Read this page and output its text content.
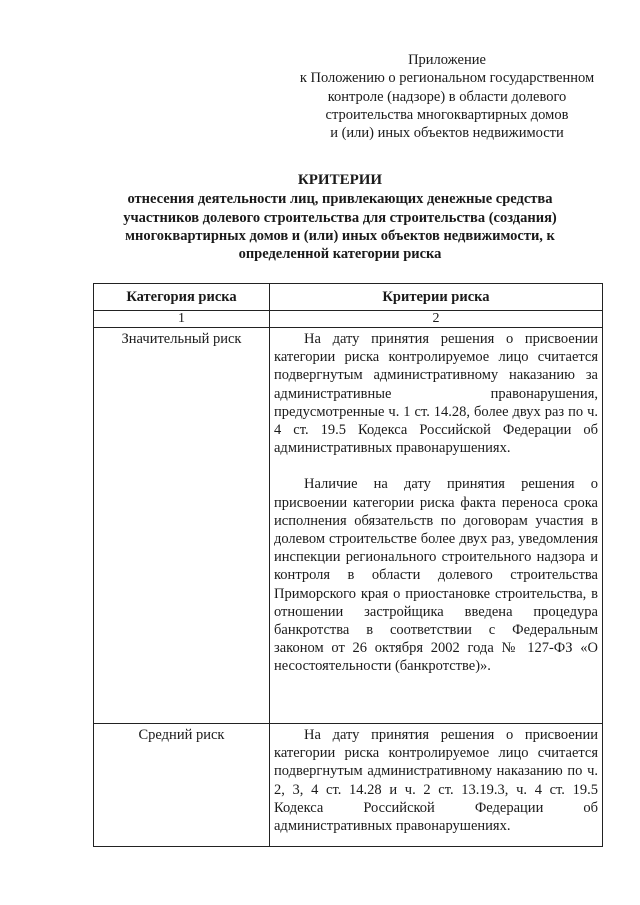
Приложение
к Положению о региональном государственном
контроле (надзоре) в области долевого
строительства многоквартирных домов
и (или) иных объектов недвижимости
КРИТЕРИИ
отнесения деятельности лиц, привлекающих денежные средства
участников долевого строительства для строительства (создания)
многоквартирных домов и (или) иных объектов недвижимости, к
определенной категории риска
Категория риска	Критерии риска
1	2
Значительный риск	На дату принятия решения о присвоении категории риска контролируемое лицо считается подвергнутым административному наказанию за административные правонарушения, предусмотренные ч. 1 ст. 14.28, более двух раз по ч. 4 ст. 19.5 Кодекса Российской Федерации об административных правонарушениях.
Наличие на дату принятия решения о присвоении категории риска факта переноса срока исполнения обязательств по договорам участия в долевом строительстве более двух раз, уведомления инспекции регионального строительного надзора и контроля в области долевого строительства Приморского края о приостановке строительства, в отношении застройщика введена процедура банкротства в соответствии с Федеральным законом от 26 октября 2002 года № 127-ФЗ «О несостоятельности (банкротстве)».

Средний риск	На дату принятия решения о присвоении категории риска контролируемое лицо считается подвергнутым административному наказанию по ч. 2, 3, 4 ст. 14.28 и ч. 2 ст. 13.19.3, ч. 4 ст. 19.5 Кодекса Российской Федерации об административных правонарушениях.
